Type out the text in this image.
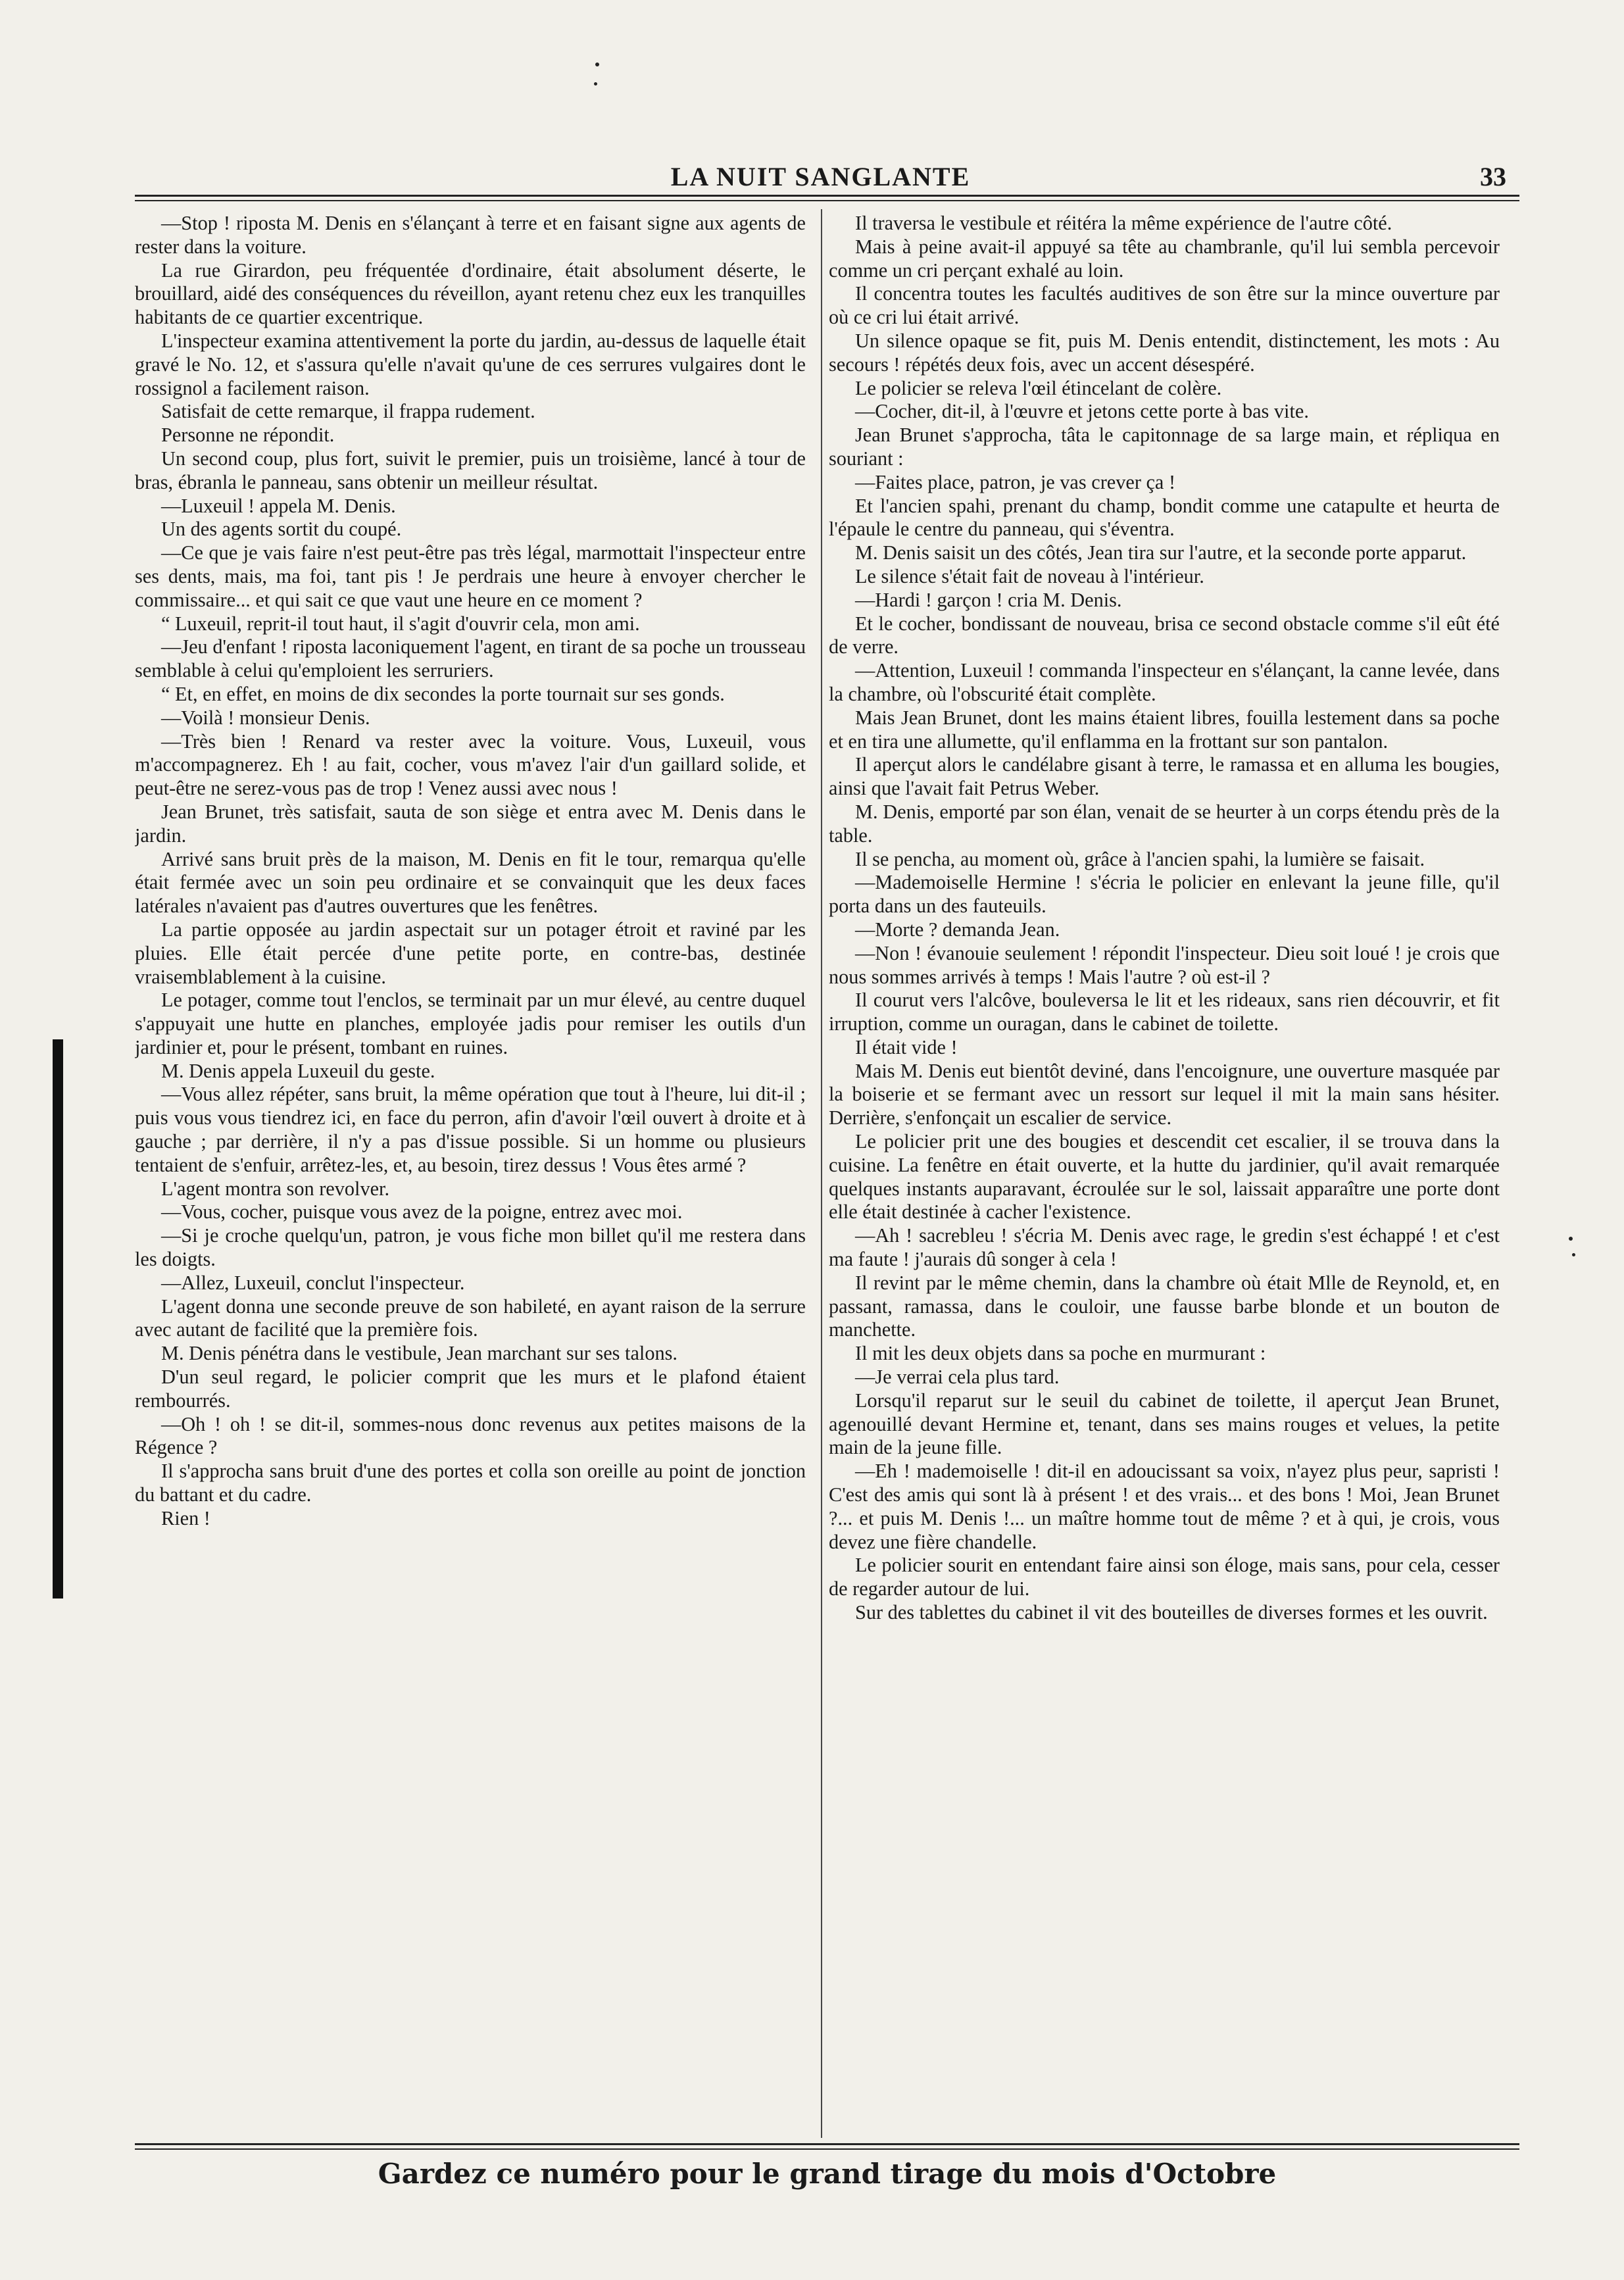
LA NUIT SANGLANTE	33

—Stop ! riposta M. Denis en s'élançant à terre et en faisant signe aux agents de rester dans la voiture.

La rue Girardon, peu fréquentée d'ordinaire, était absolument déserte, le brouillard, aidé des conséquences du réveillon, ayant retenu chez eux les tranquilles habitants de ce quartier excentrique.

L'inspecteur examina attentivement la porte du jardin, au-dessus de laquelle était gravé le No. 12, et s'assura qu'elle n'avait qu'une de ces serrures vulgaires dont le rossignol a facilement raison.

Satisfait de cette remarque, il frappa rudement.

Personne ne répondit.

Un second coup, plus fort, suivit le premier, puis un troisième, lancé à tour de bras, ébranla le panneau, sans obtenir un meilleur résultat.

—Luxeuil ! appela M. Denis.

Un des agents sortit du coupé.

—Ce que je vais faire n'est peut-être pas très légal, marmottait l'inspecteur entre ses dents, mais, ma foi, tant pis ! Je perdrais une heure à envoyer chercher le commissaire... et qui sait ce que vaut une heure en ce moment ?

“ Luxeuil, reprit-il tout haut, il s'agit d'ouvrir cela, mon ami.

—Jeu d'enfant ! riposta laconiquement l'agent, en tirant de sa poche un trousseau semblable à celui qu'emploient les serruriers.

“ Et, en effet, en moins de dix secondes la porte tournait sur ses gonds.

—Voilà ! monsieur Denis.

—Très bien ! Renard va rester avec la voiture. Vous, Luxeuil, vous m'accompagnerez. Eh ! au fait, cocher, vous m'avez l'air d'un gaillard solide, et peut-être ne serez-vous pas de trop ! Venez aussi avec nous !

Jean Brunet, très satisfait, sauta de son siège et entra avec M. Denis dans le jardin.

Arrivé sans bruit près de la maison, M. Denis en fit le tour, remarqua qu'elle était fermée avec un soin peu ordinaire et se convainquit que les deux faces latérales n'avaient pas d'autres ouvertures que les fenêtres.

La partie opposée au jardin aspectait sur un potager étroit et raviné par les pluies. Elle était percée d'une petite porte, en contre-bas, destinée vraisemblablement à la cuisine.

Le potager, comme tout l'enclos, se terminait par un mur élevé, au centre duquel s'appuyait une hutte en planches, employée jadis pour remiser les outils d'un jardinier et, pour le présent, tombant en ruines.

M. Denis appela Luxeuil du geste.

—Vous allez répéter, sans bruit, la même opération que tout à l'heure, lui dit-il ; puis vous vous tiendrez ici, en face du perron, afin d'avoir l'œil ouvert à droite et à gauche ; par derrière, il n'y a pas d'issue possible. Si un homme ou plusieurs tentaient de s'enfuir, arrêtez-les, et, au besoin, tirez dessus ! Vous êtes armé ?

L'agent montra son revolver.

—Vous, cocher, puisque vous avez de la poigne, entrez avec moi.

—Si je croche quelqu'un, patron, je vous fiche mon billet qu'il me restera dans les doigts.

—Allez, Luxeuil, conclut l'inspecteur.

L'agent donna une seconde preuve de son habileté, en ayant raison de la serrure avec autant de facilité que la première fois.

M. Denis pénétra dans le vestibule, Jean marchant sur ses talons.

D'un seul regard, le policier comprit que les murs et le plafond étaient rembourrés.

—Oh ! oh ! se dit-il, sommes-nous donc revenus aux petites maisons de la Régence ?

Il s'approcha sans bruit d'une des portes et colla son oreille au point de jonction du battant et du cadre.

Rien !

Il traversa le vestibule et réitéra la même expérience de l'autre côté.

Mais à peine avait-il appuyé sa tête au chambranle, qu'il lui sembla percevoir comme un cri perçant exhalé au loin.

Il concentra toutes les facultés auditives de son être sur la mince ouverture par où ce cri lui était arrivé.

Un silence opaque se fit, puis M. Denis entendit, distinctement, les mots : Au secours ! répétés deux fois, avec un accent désespéré.

Le policier se releva l'œil étincelant de colère.

—Cocher, dit-il, à l'œuvre et jetons cette porte à bas vite.

Jean Brunet s'approcha, tâta le capitonnage de sa large main, et répliqua en souriant :

—Faites place, patron, je vas crever ça !

Et l'ancien spahi, prenant du champ, bondit comme une catapulte et heurta de l'épaule le centre du panneau, qui s'éventra.

M. Denis saisit un des côtés, Jean tira sur l'autre, et la seconde porte apparut.

Le silence s'était fait de noveau à l'intérieur.

—Hardi ! garçon ! cria M. Denis.

Et le cocher, bondissant de nouveau, brisa ce second obstacle comme s'il eût été de verre.

—Attention, Luxeuil ! commanda l'inspecteur en s'élançant, la canne levée, dans la chambre, où l'obscurité était complète.

Mais Jean Brunet, dont les mains étaient libres, fouilla lestement dans sa poche et en tira une allumette, qu'il enflamma en la frottant sur son pantalon.

Il aperçut alors le candélabre gisant à terre, le ramassa et en alluma les bougies, ainsi que l'avait fait Petrus Weber.

M. Denis, emporté par son élan, venait de se heurter à un corps étendu près de la table.

Il se pencha, au moment où, grâce à l'ancien spahi, la lumière se faisait.

—Mademoiselle Hermine ! s'écria le policier en enlevant la jeune fille, qu'il porta dans un des fauteuils.

—Morte ? demanda Jean.

—Non ! évanouie seulement ! répondit l'inspecteur. Dieu soit loué ! je crois que nous sommes arrivés à temps ! Mais l'autre ? où est-il ?

Il courut vers l'alcôve, bouleversa le lit et les rideaux, sans rien découvrir, et fit irruption, comme un ouragan, dans le cabinet de toilette.

Il était vide !

Mais M. Denis eut bientôt deviné, dans l'encoignure, une ouverture masquée par la boiserie et se fermant avec un ressort sur lequel il mit la main sans hésiter. Derrière, s'enfonçait un escalier de service.

Le policier prit une des bougies et descendit cet escalier, il se trouva dans la cuisine. La fenêtre en était ouverte, et la hutte du jardinier, qu'il avait remarquée quelques instants auparavant, écroulée sur le sol, laissait apparaître une porte dont elle était destinée à cacher l'existence.

—Ah ! sacrebleu ! s'écria M. Denis avec rage, le gredin s'est échappé ! et c'est ma faute ! j'aurais dû songer à cela !

Il revint par le même chemin, dans la chambre où était Mlle de Reynold, et, en passant, ramassa, dans le couloir, une fausse barbe blonde et un bouton de manchette.

Il mit les deux objets dans sa poche en murmurant :

—Je verrai cela plus tard.

Lorsqu'il reparut sur le seuil du cabinet de toilette, il aperçut Jean Brunet, agenouillé devant Hermine et, tenant, dans ses mains rouges et velues, la petite main de la jeune fille.

—Eh ! mademoiselle ! dit-il en adoucissant sa voix, n'ayez plus peur, sapristi ! C'est des amis qui sont là à présent ! et des vrais... et des bons ! Moi, Jean Brunet ?... et puis M. Denis !... un maître homme tout de même ? et à qui, je crois, vous devez une fière chandelle.

Le policier sourit en entendant faire ainsi son éloge, mais sans, pour cela, cesser de regarder autour de lui.

Sur des tablettes du cabinet il vit des bouteilles de diverses formes et les ouvrit.

Gardez ce numéro pour le grand tirage du mois d'Octobre
